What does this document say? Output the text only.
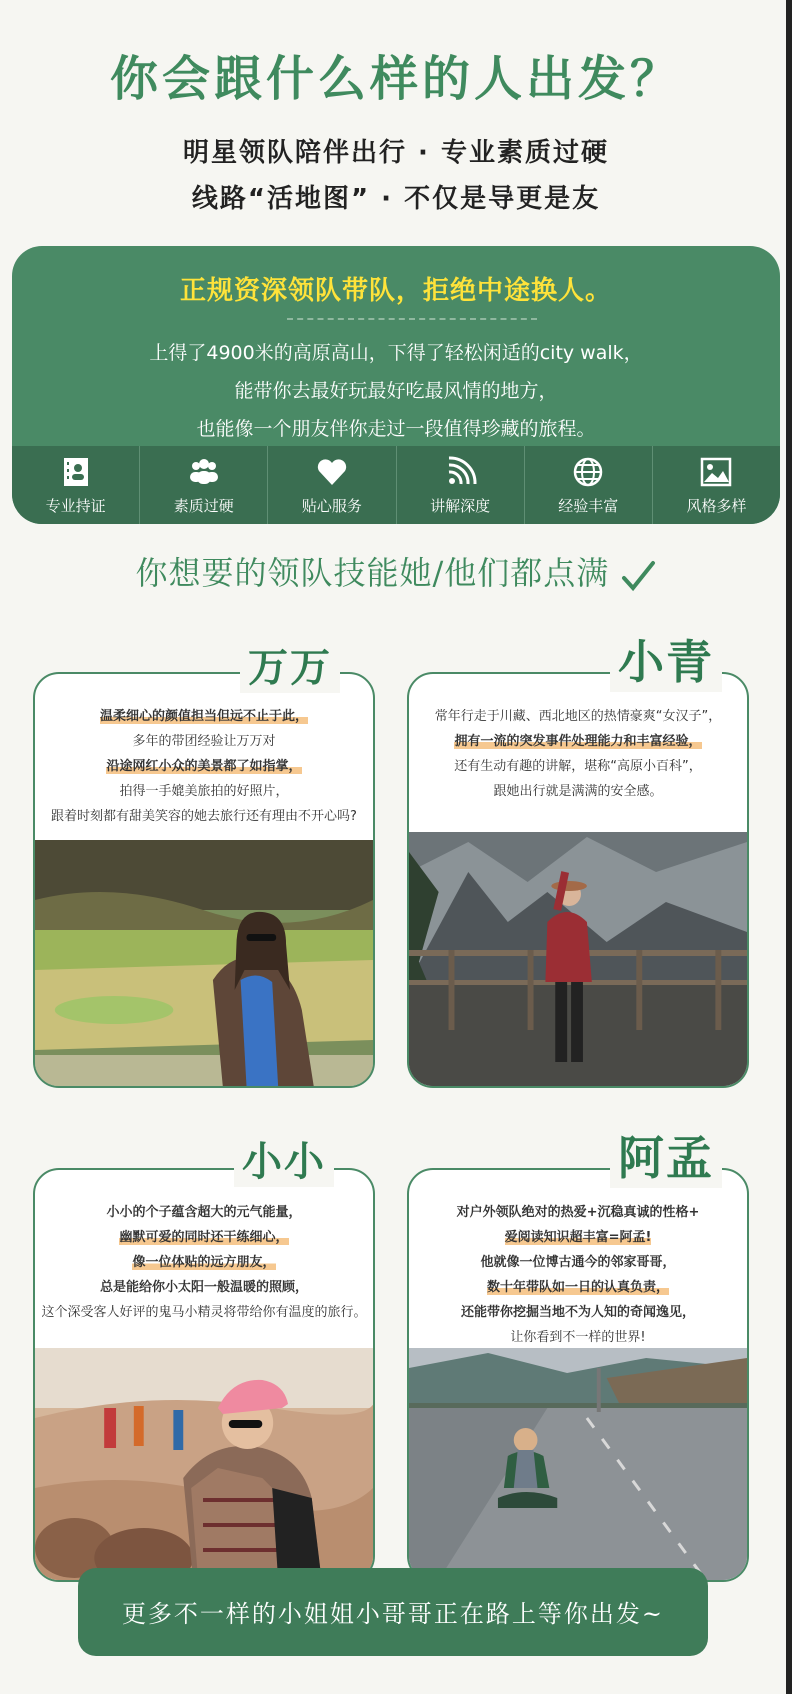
你会跟什么样的人出发？
明星领队陪伴出行 · 专业素质过硬
线路“活地图” · 不仅是导更是友
正规资深领队带队，拒绝中途换人。
上得了4900米的高原高山，下得了轻松闲适的city walk，
能带你去最好玩最好吃最风情的地方，
也能像一个朋友伴你走过一段值得珍藏的旅程。
专业持证	素质过硬	贴心服务	讲解深度	经验丰富	风格多样
你想要的领队技能她/他们都点满
温柔细心的颜值担当但远不止于此，
多年的带团经验让万万对
沿途网红小众的美景都了如指掌，
拍得一手媲美旅拍的好照片，
跟着时刻都有甜美笑容的她去旅行还有理由不开心吗?
万万
常年行走于川藏、西北地区的热情豪爽“女汉子”，
拥有一流的突发事件处理能力和丰富经验，
还有生动有趣的讲解，堪称“高原小百科”，
跟她出行就是满满的安全感。
小青
小小的个子蕴含超大的元气能量，
幽默可爱的同时还干练细心，
像一位体贴的远方朋友，
总是能给你小太阳一般温暖的照顾，
这个深受客人好评的鬼马小精灵将带给你有温度的旅行。
小小
对户外领队绝对的热爱+沉稳真诚的性格+
爱阅读知识超丰富=阿孟!
他就像一位博古通今的邻家哥哥，
数十年带队如一日的认真负责，
还能带你挖掘当地不为人知的奇闻逸见，
让你看到不一样的世界!
阿孟
更多不一样的小姐姐小哥哥正在路上等你出发~
